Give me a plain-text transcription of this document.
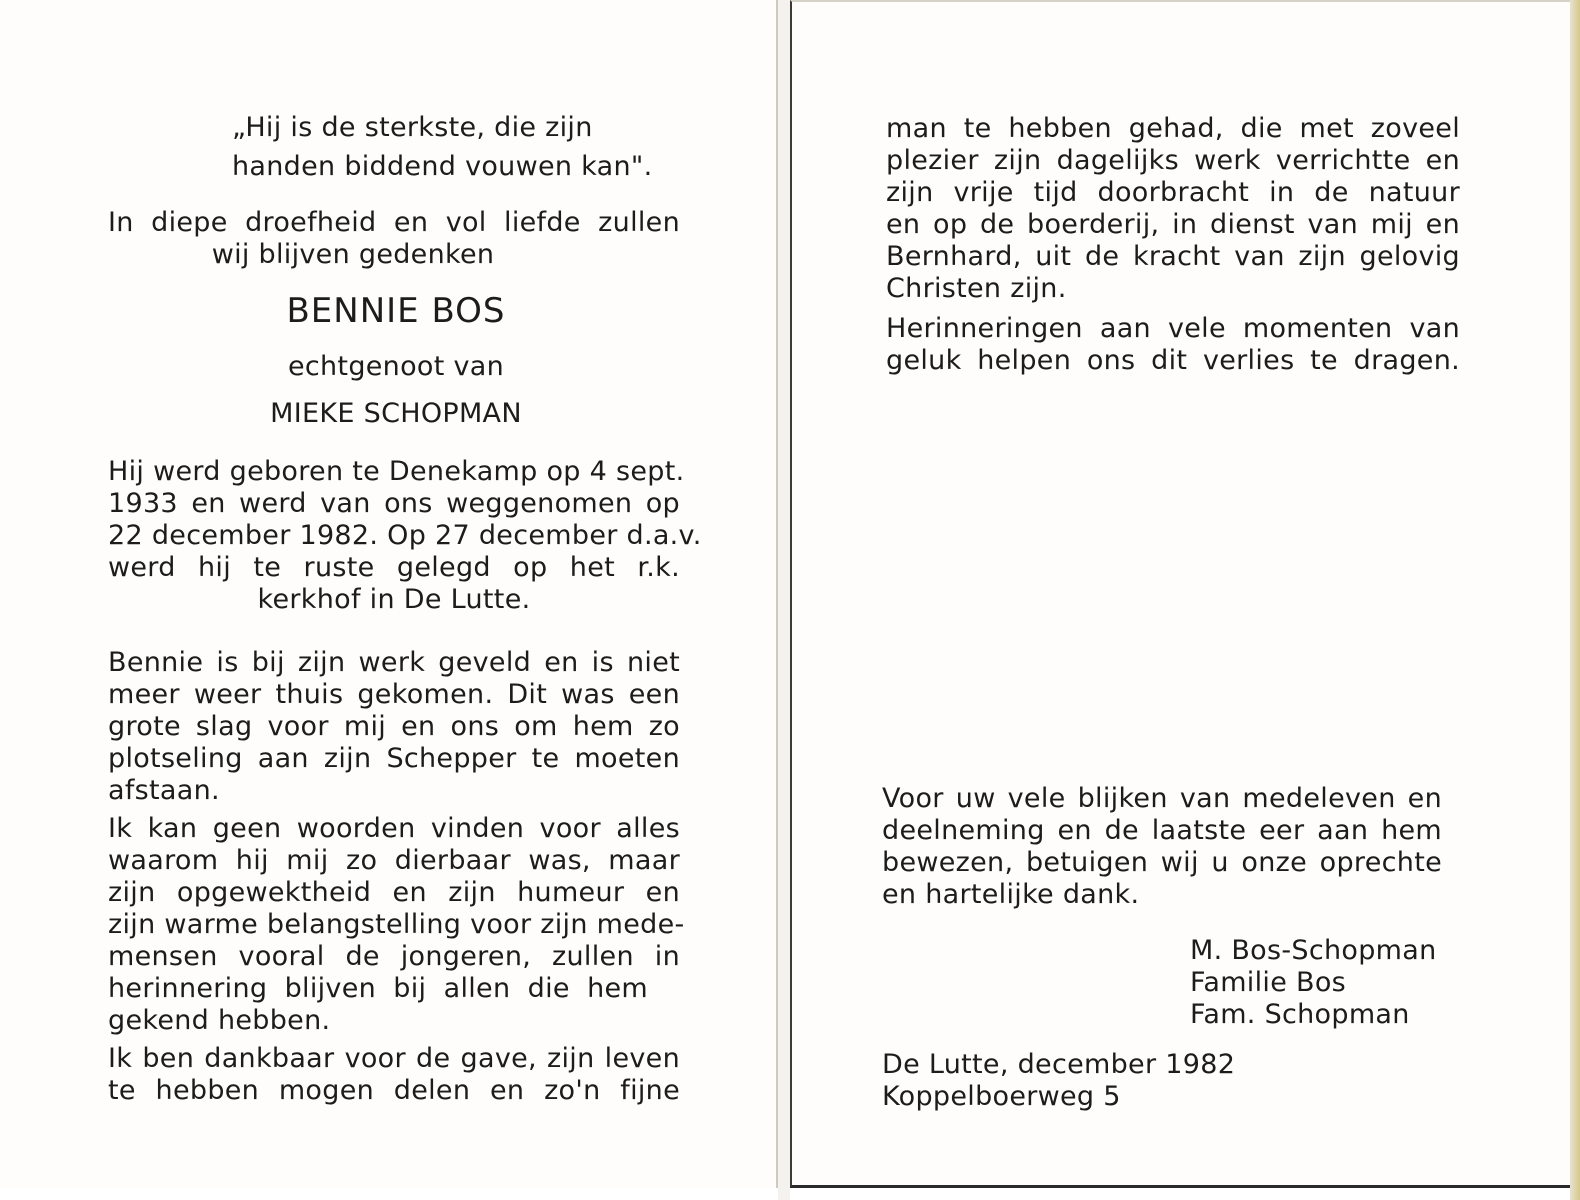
„Hij is de sterkste, die zijn
handen biddend vouwen kan".
In diepe droefheid en vol liefde zullen
wij blijven gedenken
BENNIE BOS
echtgenoot van
MIEKE SCHOPMAN
Hij werd geboren te Denekamp op 4 sept.
1933 en werd van ons weggenomen op
22 december 1982. Op 27 december d.a.v.
werd hij te ruste gelegd op het r.k.
kerkhof in De Lutte.
Bennie is bij zijn werk geveld en is niet
meer weer thuis gekomen. Dit was een
grote slag voor mij en ons om hem zo
plotseling aan zijn Schepper te moeten
afstaan.
Ik kan geen woorden vinden voor alles
waarom hij mij zo dierbaar was, maar
zijn opgewektheid en zijn humeur en
zijn warme belangstelling voor zijn mede-
mensen vooral de jongeren, zullen in
herinnering blijven bij allen die hem
gekend hebben.
Ik ben dankbaar voor de gave, zijn leven
te hebben mogen delen en zo'n fijne
man te hebben gehad, die met zoveel
plezier zijn dagelijks werk verrichtte en
zijn vrije tijd doorbracht in de natuur
en op de boerderij, in dienst van mij en
Bernhard, uit de kracht van zijn gelovig
Christen zijn.
Herinneringen aan vele momenten van
geluk helpen ons dit verlies te dragen.
Voor uw vele blijken van medeleven en
deelneming en de laatste eer aan hem
bewezen, betuigen wij u onze oprechte
en hartelijke dank.
M. Bos-Schopman
Familie Bos
Fam. Schopman
De Lutte, december 1982
Koppelboerweg 5
